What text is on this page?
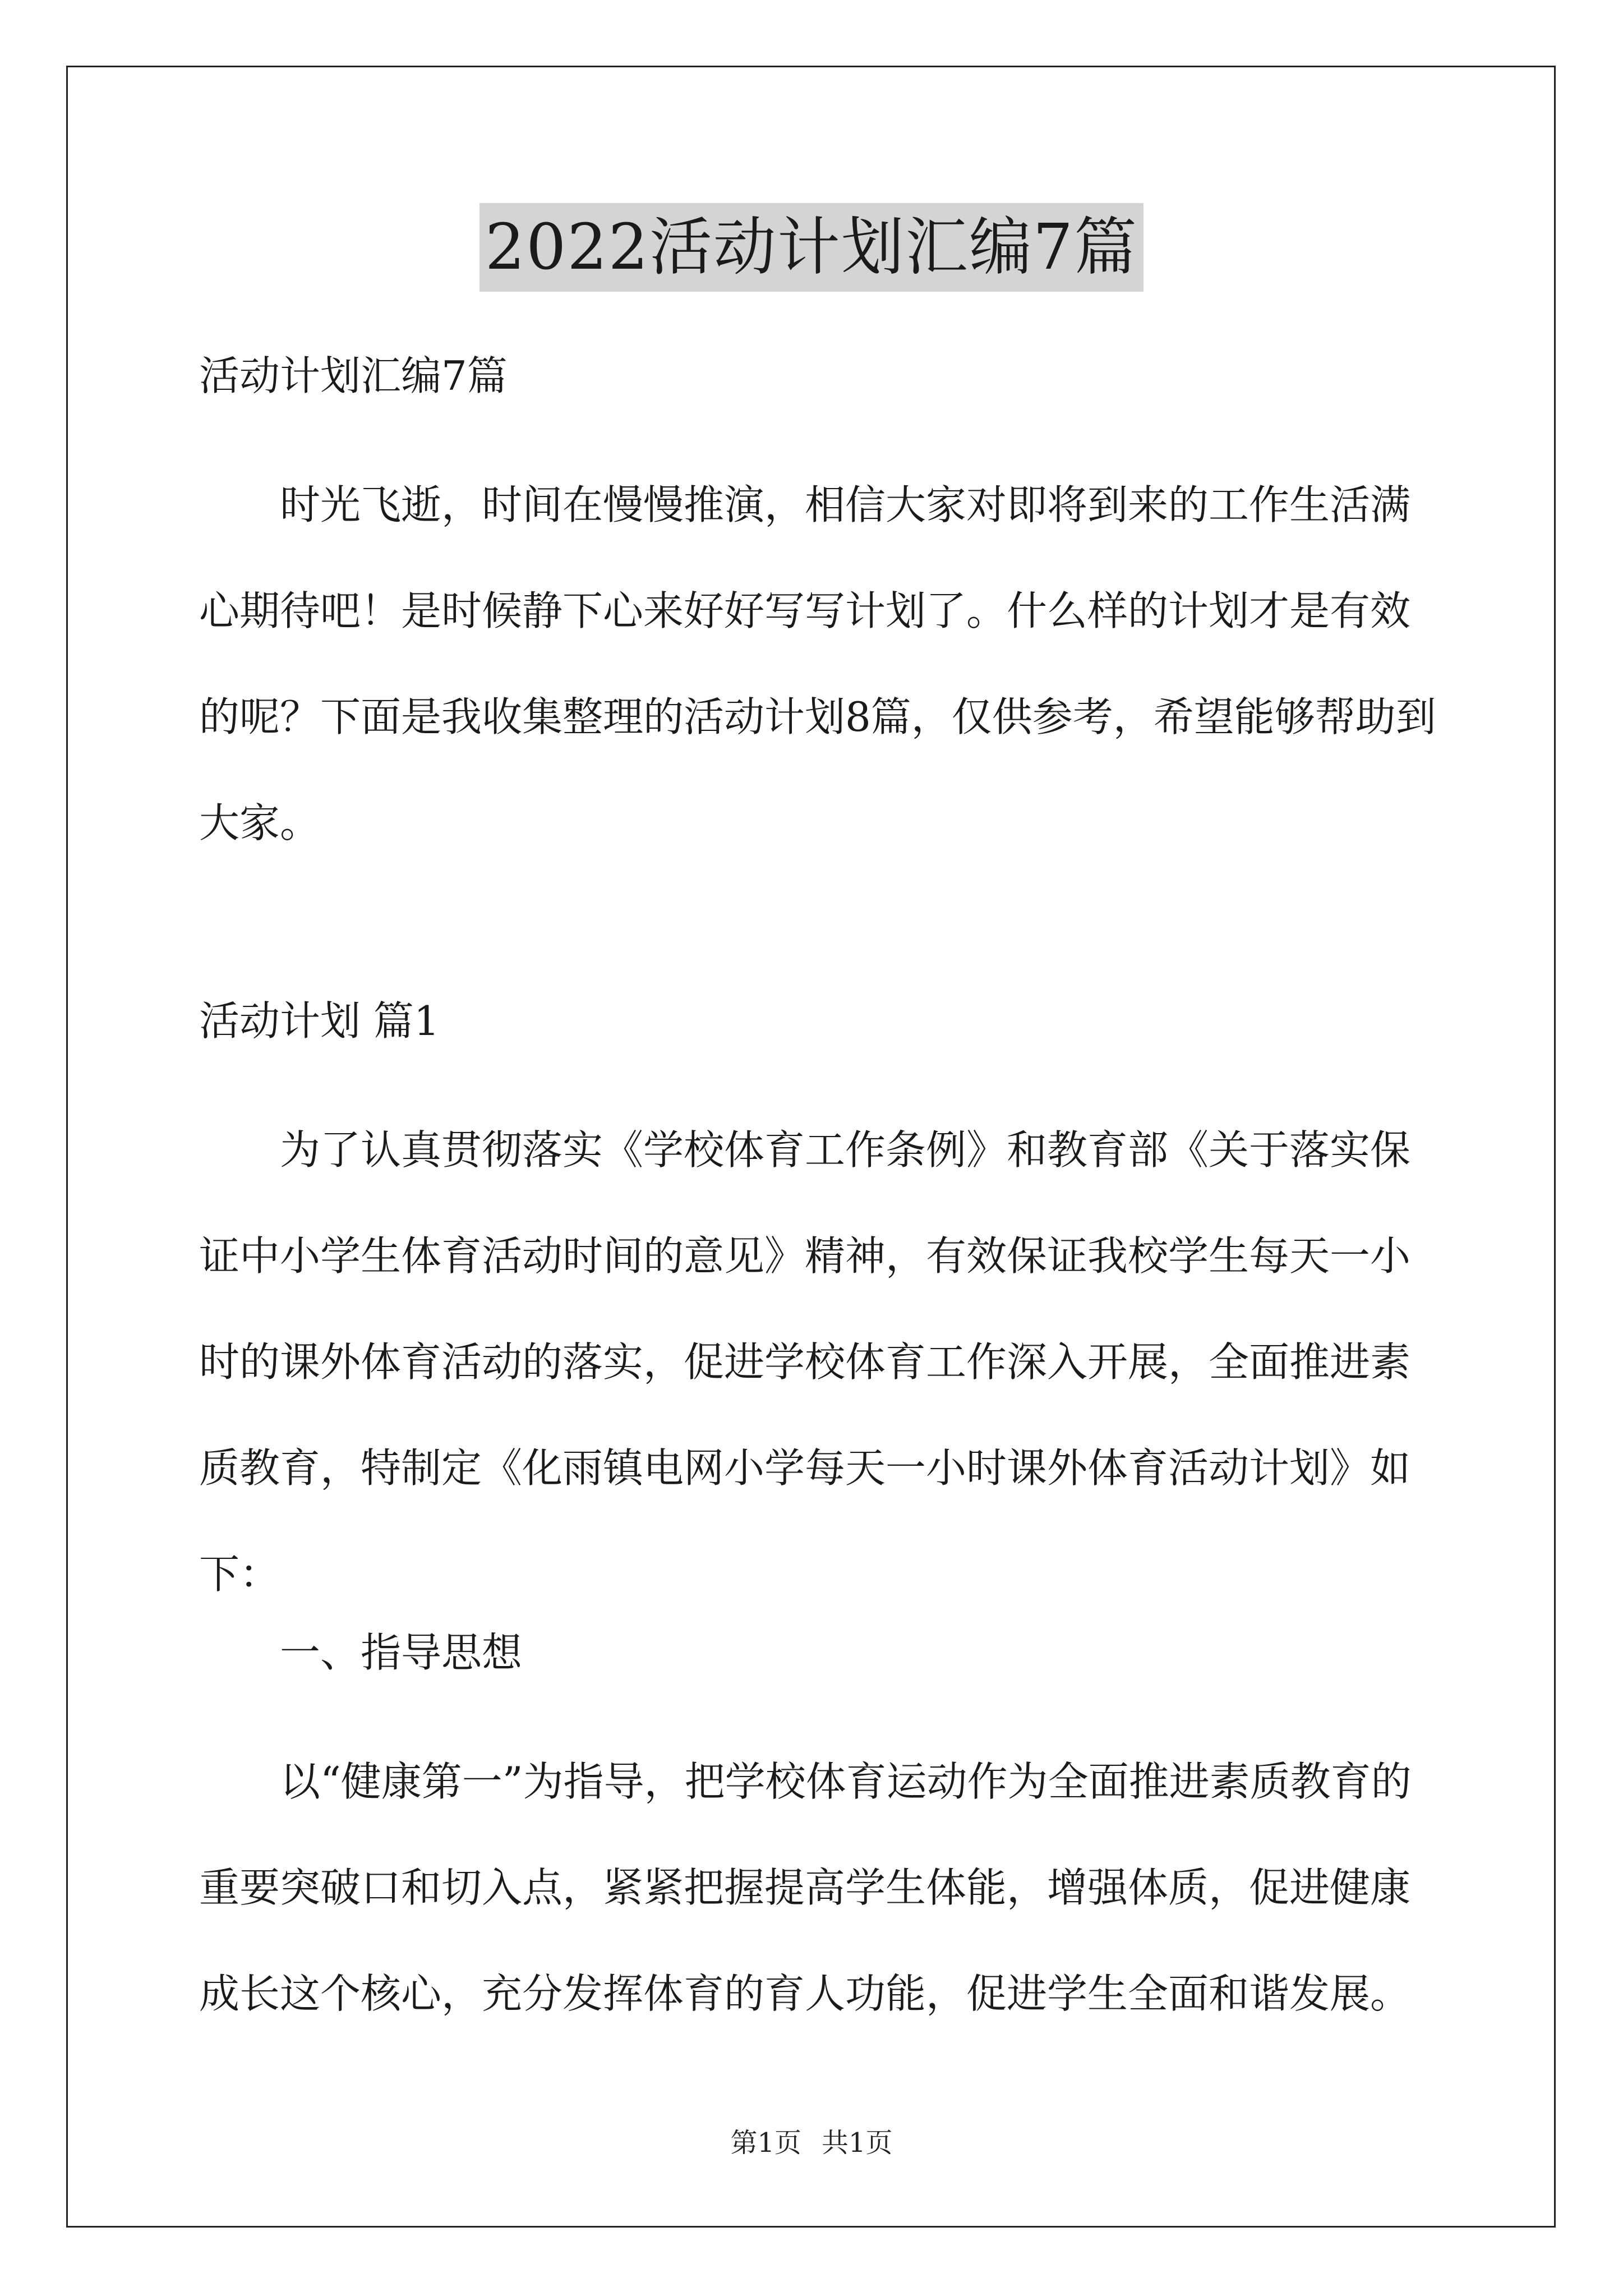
2022活动计划汇编7篇
活动计划汇编7篇
时光飞逝，时间在慢慢推演，相信大家对即将到来的工作生活满心期待吧！是时候静下心来好好写写计划了。什么样的计划才是有效的呢？下面是我收集整理的活动计划8篇，仅供参考，希望能够帮助到大家。
活动计划 篇1
为了认真贯彻落实《学校体育工作条例》和教育部《关于落实保证中小学生体育活动时间的意见》精神，有效保证我校学生每天一小时的课外体育活动的落实，促进学校体育工作深入开展，全面推进素质教育，特制定《化雨镇电网小学每天一小时课外体育活动计划》如下：
一、指导思想
以“健康第一”为指导，把学校体育运动作为全面推进素质教育的重要突破口和切入点，紧紧把握提高学生体能，增强体质，促进健康成长这个核心，充分发挥体育的育人功能，促进学生全面和谐发展。
第1页 共1页
